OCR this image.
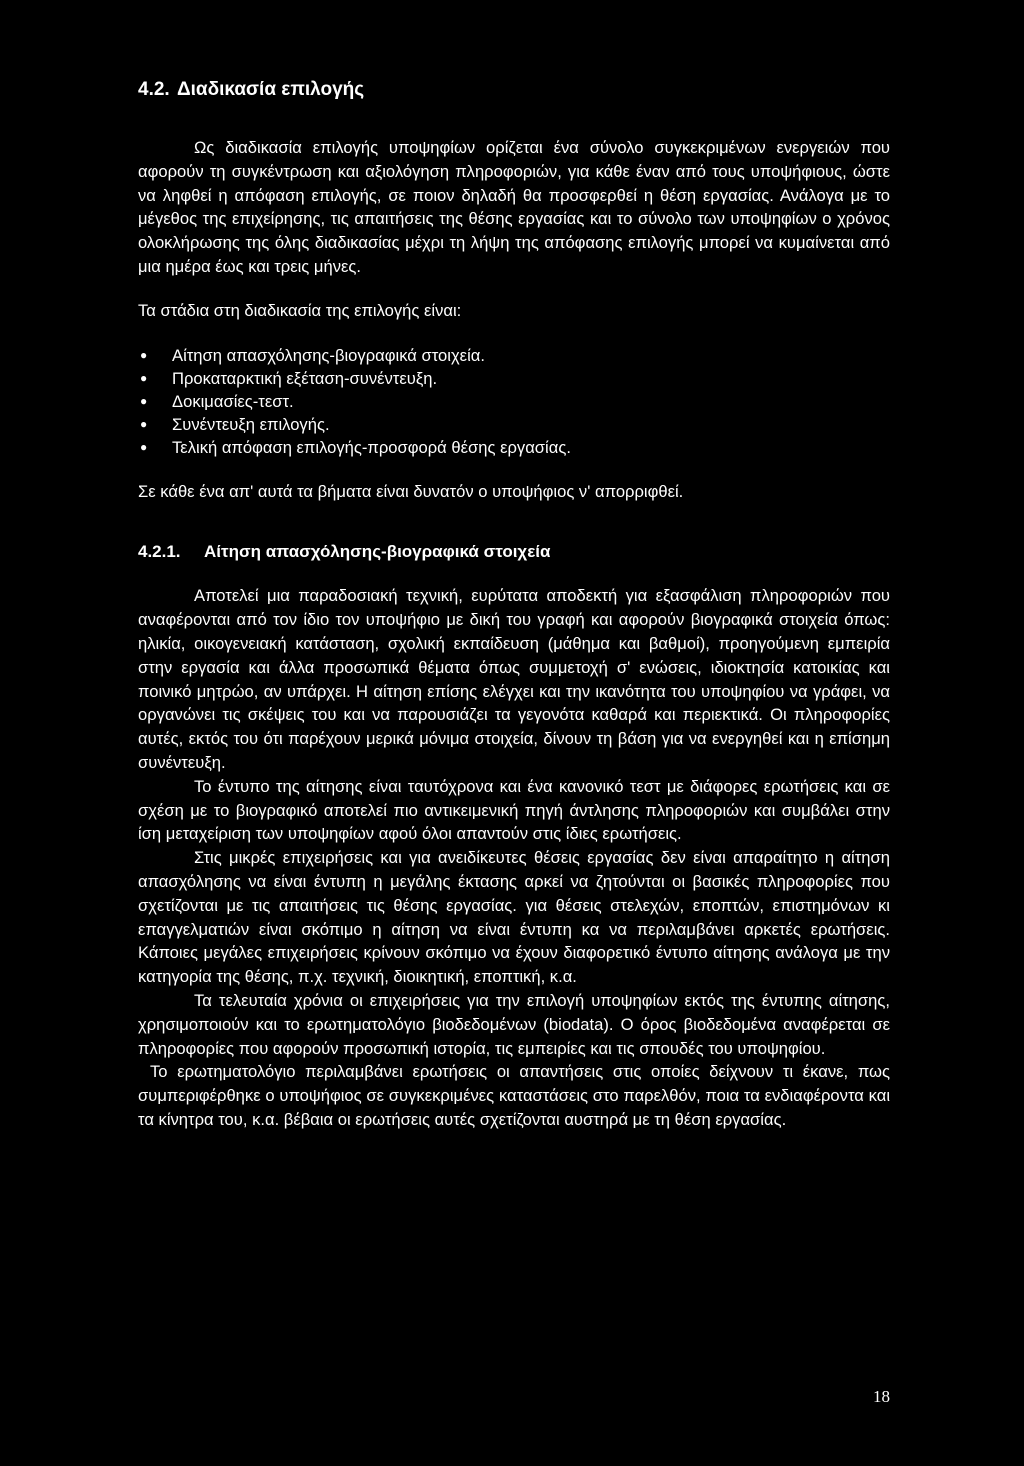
4.2. Διαδικασία επιλογής

Ως διαδικασία επιλογής υποψηφίων ορίζεται ένα σύνολο συγκεκριμένων ενεργειών που αφορούν τη συγκέντρωση και αξιολόγηση πληροφοριών, για κάθε έναν από τους υποψήφιους, ώστε να ληφθεί η απόφαση επιλογής, σε ποιον δηλαδή θα προσφερθεί η θέση εργασίας. Ανάλογα με το μέγεθος της επιχείρησης, τις απαιτήσεις της θέσης εργασίας και το σύνολο των υποψηφίων ο χρόνος ολοκλήρωσης της όλης διαδικασίας μέχρι τη λήψη της απόφασης επιλογής μπορεί να κυμαίνεται από μια ημέρα έως και τρεις μήνες.

Τα στάδια στη διαδικασία της επιλογής είναι:

● Αίτηση απασχόλησης-βιογραφικά στοιχεία.
● Προκαταρκτική εξέταση-συνέντευξη.
● Δοκιμασίες-τεστ.
● Συνέντευξη επιλογής.
● Τελική απόφαση επιλογής-προσφορά θέσης εργασίας.

Σε κάθε ένα απ' αυτά τα βήματα είναι δυνατόν ο υποψήφιος ν' απορριφθεί.

4.2.1. Αίτηση απασχόλησης-βιογραφικά στοιχεία

Αποτελεί μια παραδοσιακή τεχνική, ευρύτατα αποδεκτή για εξασφάλιση πληροφοριών που αναφέρονται από τον ίδιο τον υποψήφιο με δική του γραφή και αφορούν βιογραφικά στοιχεία όπως: ηλικία, οικογενειακή κατάσταση, σχολική εκπαίδευση (μάθημα και βαθμοί), προηγούμενη εμπειρία στην εργασία και άλλα προσωπικά θέματα όπως συμμετοχή σ' ενώσεις, ιδιοκτησία κατοικίας και ποινικό μητρώο, αν υπάρχει. Η αίτηση επίσης ελέγχει και την ικανότητα του υποψηφίου να γράφει, να οργανώνει τις σκέψεις του και να παρουσιάζει τα γεγονότα καθαρά και περιεκτικά. Οι πληροφορίες αυτές, εκτός του ότι παρέχουν μερικά μόνιμα στοιχεία, δίνουν τη βάση για να ενεργηθεί και η επίσημη συνέντευξη.

Το έντυπο της αίτησης είναι ταυτόχρονα και ένα κανονικό τεστ με διάφορες ερωτήσεις και σε σχέση με το βιογραφικό αποτελεί πιο αντικειμενική πηγή άντλησης πληροφοριών και συμβάλει στην ίση μεταχείριση των υποψηφίων αφού όλοι απαντούν στις ίδιες ερωτήσεις.

Στις μικρές επιχειρήσεις και για ανειδίκευτες θέσεις εργασίας δεν είναι απαραίτητο η αίτηση απασχόλησης να είναι έντυπη η μεγάλης έκτασης αρκεί να ζητούνται οι βασικές πληροφορίες που σχετίζονται με τις απαιτήσεις τις θέσης εργασίας. για θέσεις στελεχών, εποπτών, επιστημόνων κι επαγγελματιών είναι σκόπιμο η αίτηση να είναι έντυπη κα να περιλαμβάνει αρκετές ερωτήσεις. Κάποιες μεγάλες επιχειρήσεις κρίνουν σκόπιμο να έχουν διαφορετικό έντυπο αίτησης ανάλογα με την κατηγορία της θέσης, π.χ. τεχνική, διοικητική, εποπτική, κ.α.

Τα τελευταία χρόνια οι επιχειρήσεις για την επιλογή υποψηφίων εκτός της έντυπης αίτησης, χρησιμοποιούν και το ερωτηματολόγιο βιοδεδομένων (biodata). Ο όρος βιοδεδομένα αναφέρεται σε πληροφορίες που αφορούν προσωπική ιστορία, τις εμπειρίες και τις σπουδές του υποψηφίου.

Το ερωτηματολόγιο περιλαμβάνει ερωτήσεις οι απαντήσεις στις οποίες δείχνουν τι έκανε, πως συμπεριφέρθηκε ο υποψήφιος σε συγκεκριμένες καταστάσεις στο παρελθόν, ποια τα ενδιαφέροντα και τα κίνητρα του, κ.α. βέβαια οι ερωτήσεις αυτές σχετίζονται αυστηρά με τη θέση εργασίας.

18
